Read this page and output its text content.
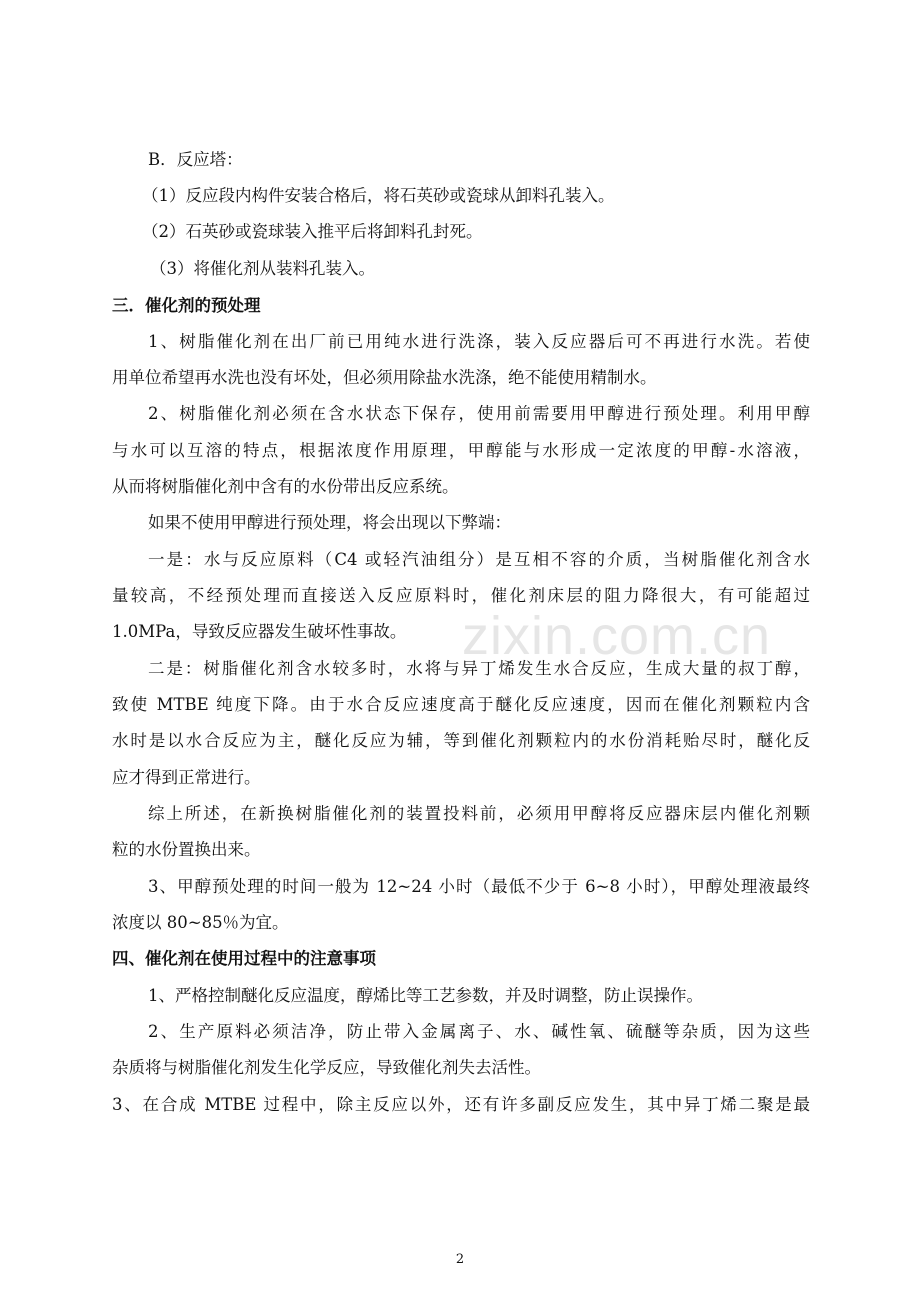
zixin.com.cn

B．反应塔：

（1）反应段内构件安装合格后，将石英砂或瓷球从卸料孔装入。

（2）石英砂或瓷球装入推平后将卸料孔封死。

（3）将催化剂从装料孔装入。

三．催化剂的预处理

1、树脂催化剂在出厂前已用纯水进行洗涤，装入反应器后可不再进行水洗。若使

用单位希望再水洗也没有坏处，但必须用除盐水洗涤，绝不能使用精制水。

2、树脂催化剂必须在含水状态下保存，使用前需要用甲醇进行预处理。利用甲醇

与水可以互溶的特点，根据浓度作用原理，甲醇能与水形成一定浓度的甲醇-水溶液，

从而将树脂催化剂中含有的水份带出反应系统。

如果不使用甲醇进行预处理，将会出现以下弊端：

一是：水与反应原料（C4 或轻汽油组分）是互相不容的介质，当树脂催化剂含水

量较高，不经预处理而直接送入反应原料时，催化剂床层的阻力降很大，有可能超过

1.0MPa，导致反应器发生破坏性事故。

二是：树脂催化剂含水较多时，水将与异丁烯发生水合反应，生成大量的叔丁醇，

致使 MTBE 纯度下降。由于水合反应速度高于醚化反应速度，因而在催化剂颗粒内含

水时是以水合反应为主，醚化反应为辅，等到催化剂颗粒内的水份消耗贻尽时，醚化反

应才得到正常进行。

综上所述，在新换树脂催化剂的装置投料前，必须用甲醇将反应器床层内催化剂颗

粒的水份置换出来。

3、甲醇预处理的时间一般为 12~24 小时（最低不少于 6~8 小时），甲醇处理液最终

浓度以 80~85％为宜。

四、催化剂在使用过程中的注意事项

1、严格控制醚化反应温度，醇烯比等工艺参数，并及时调整，防止误操作。

2、生产原料必须洁净，防止带入金属离子、水、碱性氧、硫醚等杂质，因为这些

杂质将与树脂催化剂发生化学反应，导致催化剂失去活性。

3、在合成 MTBE 过程中，除主反应以外，还有许多副反应发生，其中异丁烯二聚是最

2
